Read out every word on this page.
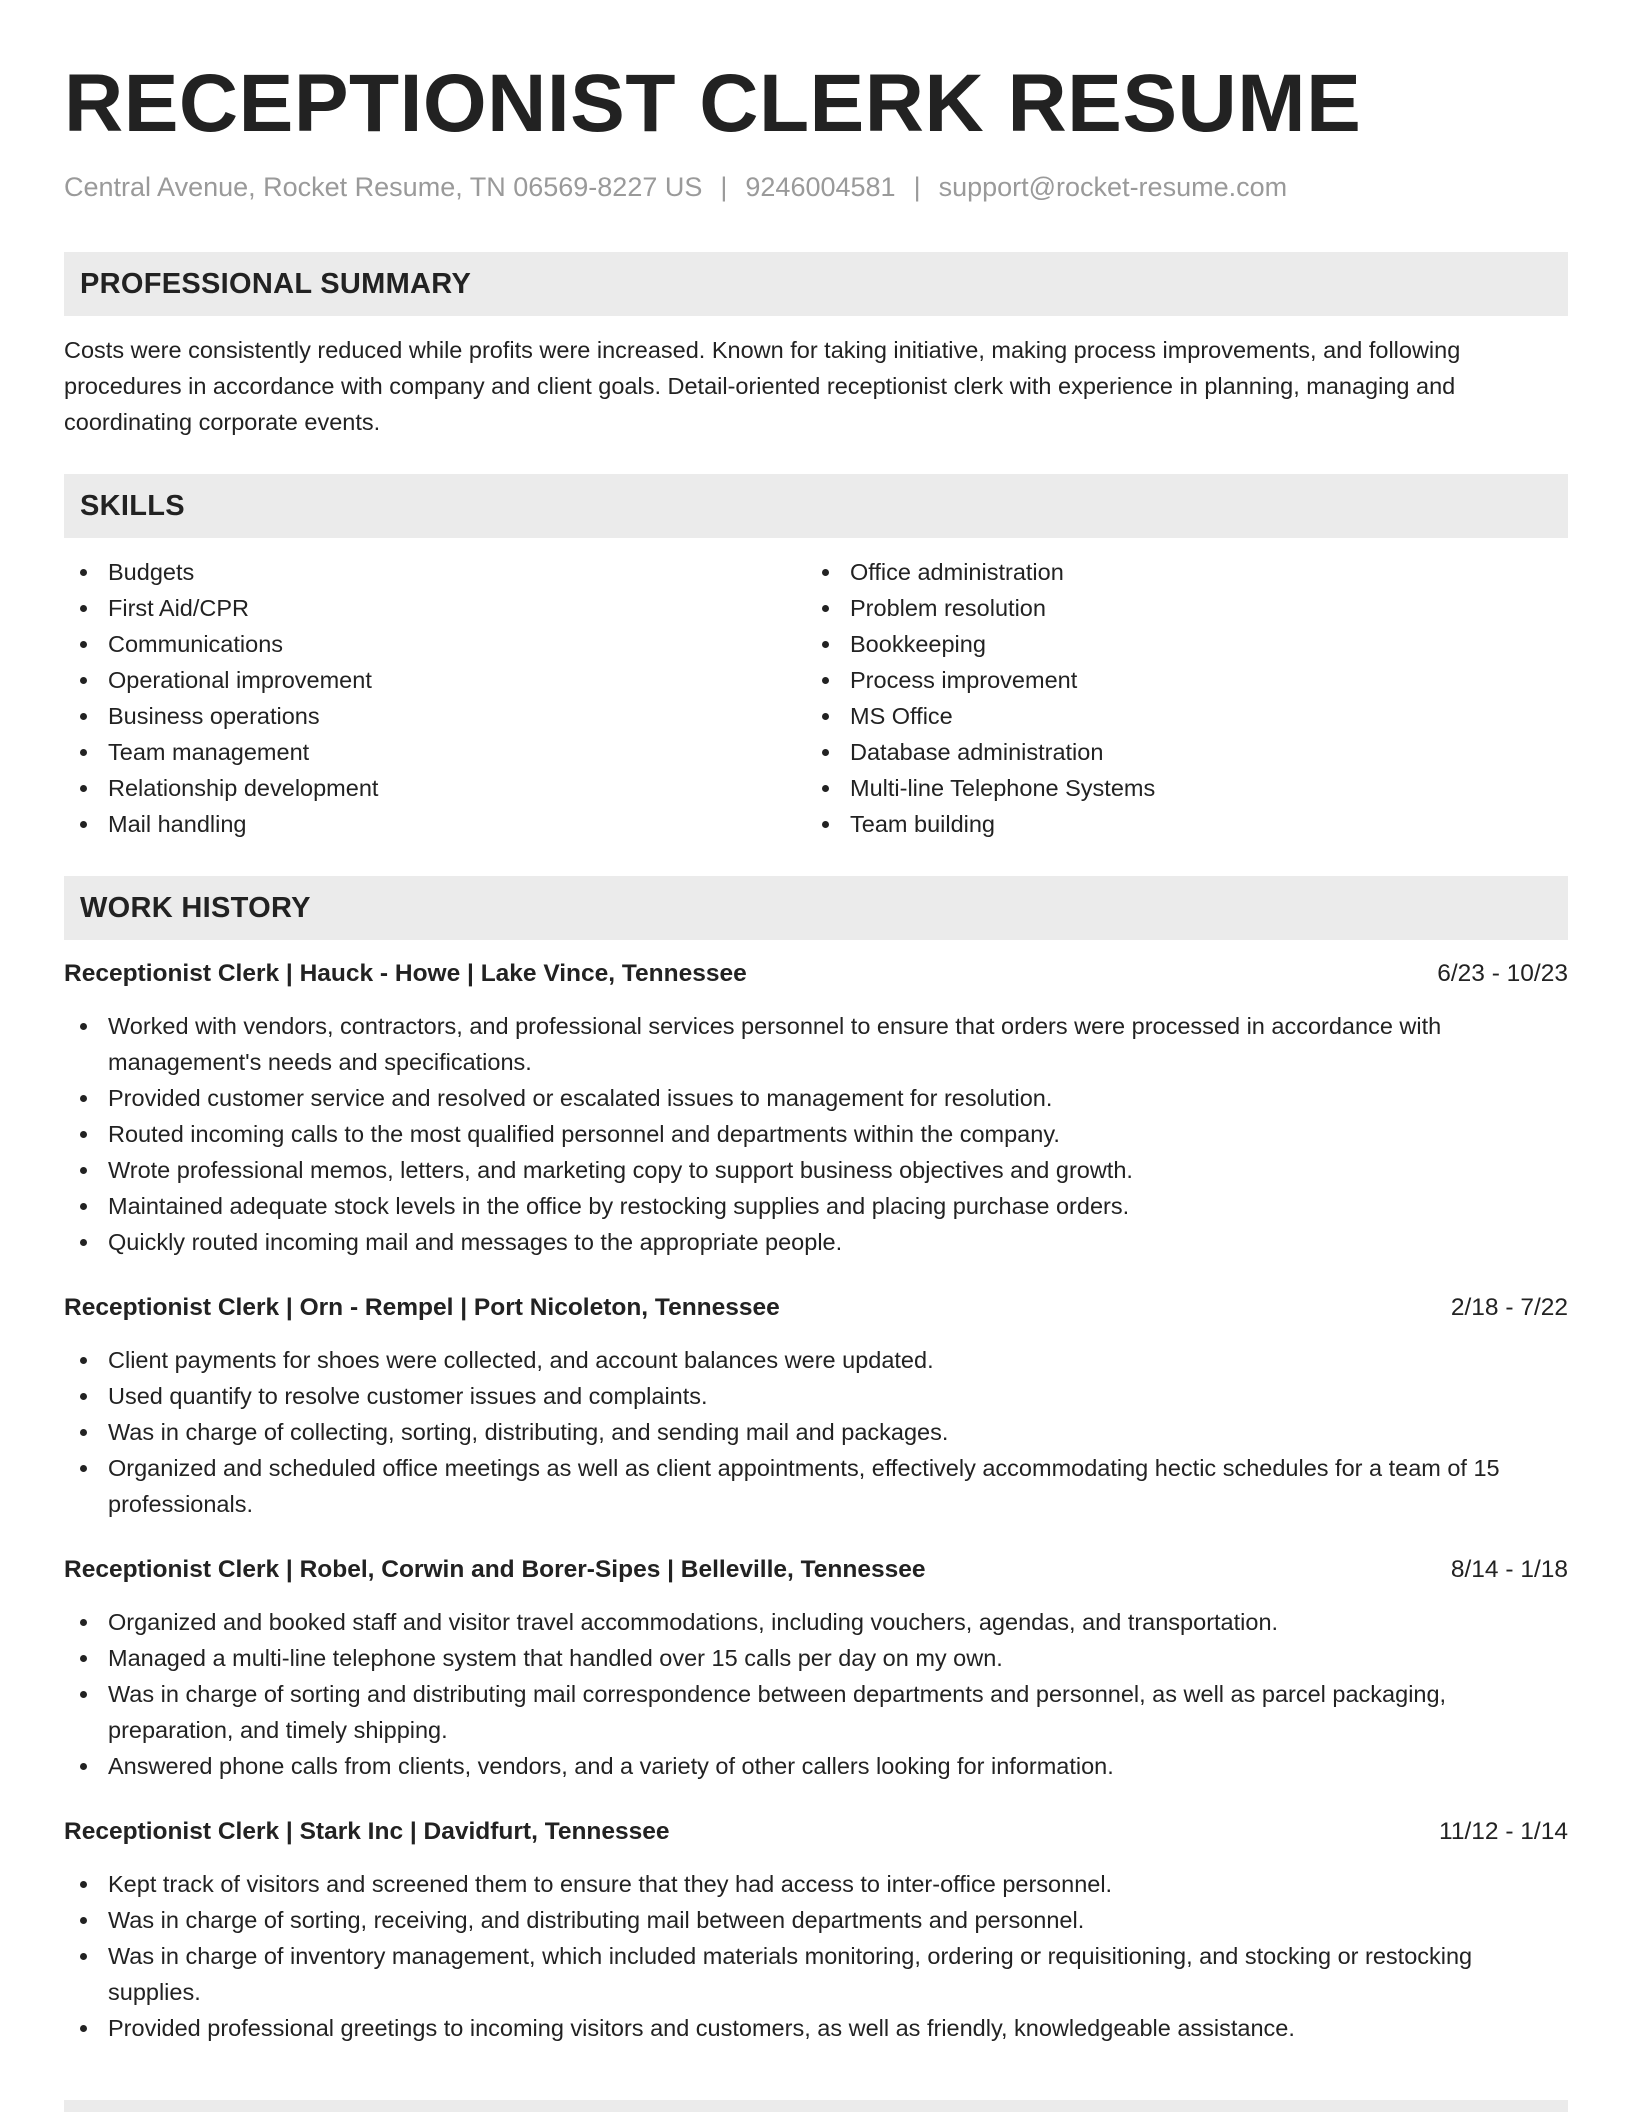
RECEPTIONIST CLERK RESUME
Central Avenue, Rocket Resume, TN 06569-8227 US | 9246004581 | support@rocket-resume.com
PROFESSIONAL SUMMARY
Costs were consistently reduced while profits were increased. Known for taking initiative, making process improvements, and following procedures in accordance with company and client goals. Detail-oriented receptionist clerk with experience in planning, managing and coordinating corporate events.
SKILLS
Budgets
First Aid/CPR
Communications
Operational improvement
Business operations
Team management
Relationship development
Mail handling
Office administration
Problem resolution
Bookkeeping
Process improvement
MS Office
Database administration
Multi-line Telephone Systems
Team building
WORK HISTORY
Receptionist Clerk | Hauck - Howe | Lake Vince, Tennessee	6/23 - 10/23
Worked with vendors, contractors, and professional services personnel to ensure that orders were processed in accordance with management's needs and specifications.
Provided customer service and resolved or escalated issues to management for resolution.
Routed incoming calls to the most qualified personnel and departments within the company.
Wrote professional memos, letters, and marketing copy to support business objectives and growth.
Maintained adequate stock levels in the office by restocking supplies and placing purchase orders.
Quickly routed incoming mail and messages to the appropriate people.
Receptionist Clerk | Orn - Rempel | Port Nicoleton, Tennessee	2/18 - 7/22
Client payments for shoes were collected, and account balances were updated.
Used quantify to resolve customer issues and complaints.
Was in charge of collecting, sorting, distributing, and sending mail and packages.
Organized and scheduled office meetings as well as client appointments, effectively accommodating hectic schedules for a team of 15 professionals.
Receptionist Clerk | Robel, Corwin and Borer-Sipes | Belleville, Tennessee	8/14 - 1/18
Organized and booked staff and visitor travel accommodations, including vouchers, agendas, and transportation.
Managed a multi-line telephone system that handled over 15 calls per day on my own.
Was in charge of sorting and distributing mail correspondence between departments and personnel, as well as parcel packaging, preparation, and timely shipping.
Answered phone calls from clients, vendors, and a variety of other callers looking for information.
Receptionist Clerk | Stark Inc | Davidfurt, Tennessee	11/12 - 1/14
Kept track of visitors and screened them to ensure that they had access to inter-office personnel.
Was in charge of sorting, receiving, and distributing mail between departments and personnel.
Was in charge of inventory management, which included materials monitoring, ordering or requisitioning, and stocking or restocking supplies.
Provided professional greetings to incoming visitors and customers, as well as friendly, knowledgeable assistance.
